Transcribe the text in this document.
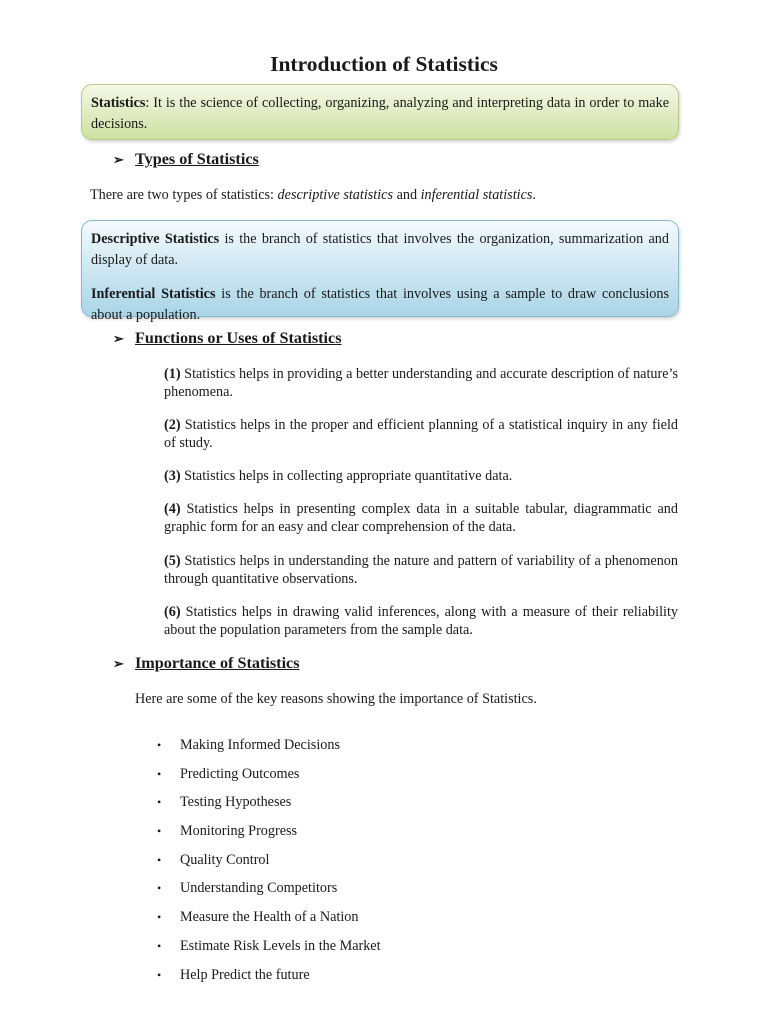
Introduction of Statistics

Statistics: It is the science of collecting, organizing, analyzing and interpreting data in order to make decisions.

➢ Types of Statistics

There are two types of statistics: descriptive statistics and inferential statistics.

Descriptive Statistics is the branch of statistics that involves the organization, summarization and display of data.

Inferential Statistics is the branch of statistics that involves using a sample to draw conclusions about a population.

➢ Functions or Uses of Statistics

(1) Statistics helps in providing a better understanding and accurate description of nature’s phenomena.

(2) Statistics helps in the proper and efficient planning of a statistical inquiry in any field of study.

(3) Statistics helps in collecting appropriate quantitative data.

(4) Statistics helps in presenting complex data in a suitable tabular, diagrammatic and graphic form for an easy and clear comprehension of the data.

(5) Statistics helps in understanding the nature and pattern of variability of a phenomenon through quantitative observations.

(6) Statistics helps in drawing valid inferences, along with a measure of their reliability about the population parameters from the sample data.

➢ Importance of Statistics

Here are some of the key reasons showing the importance of Statistics.

•	Making Informed Decisions
•	Predicting Outcomes
•	Testing Hypotheses
•	Monitoring Progress
•	Quality Control
•	Understanding Competitors
•	Measure the Health of a Nation
•	Estimate Risk Levels in the Market
•	Help Predict the future
